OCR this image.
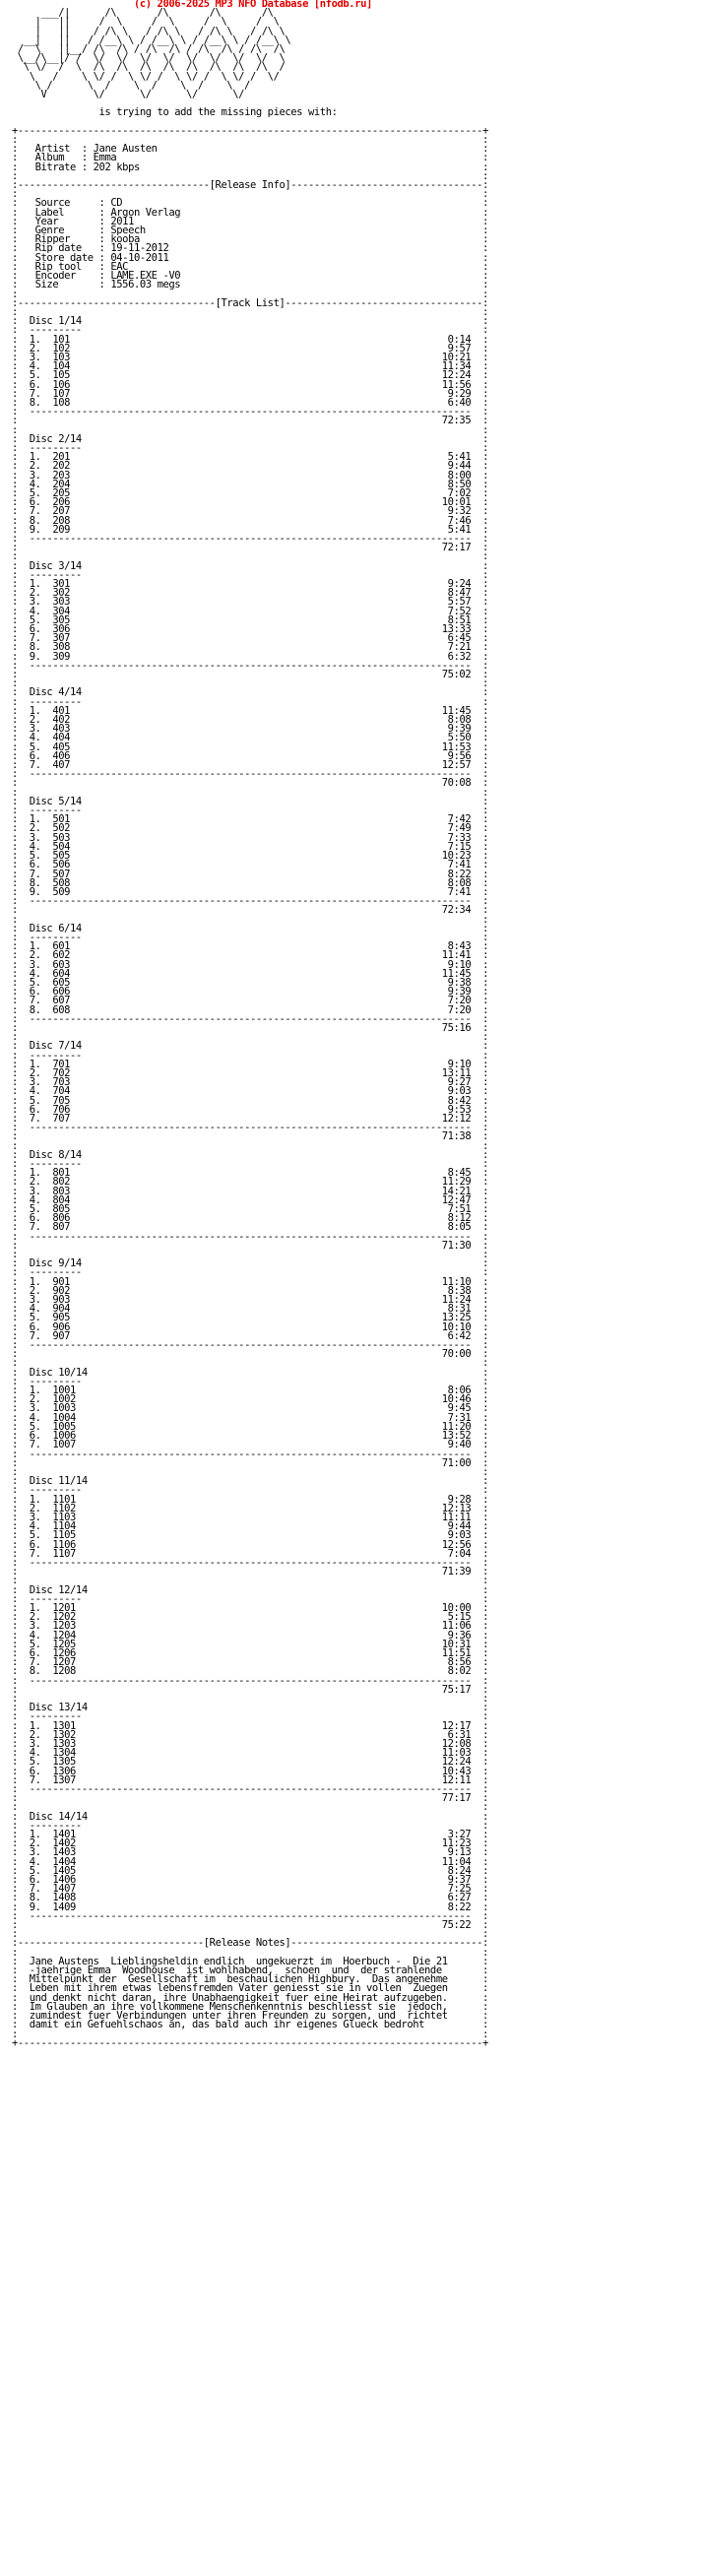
(c) 2006-2025 MP3 NFO Database [nfodb.ru]
___/|      /\       /\       /\       /\
|   ||     /  \     /  \     /  \     /  \
|   ||    / /\ \   / /\ \   / /\ \   / /\ \
__|   ||   / /__\ \ / /__\ \ / /__\ \ / /__\ \
/  \   ||__/ /\  /\ / /\  /\ / /\  /\ / /\  /\
\__/\__|/ /  \/  \/  \/  \/  \/  \/  \/  \/  \
\ \/  /  \  /\  /\  /\  /\  /\  /\  /\  /\  /
\   /    \ \/ /  \ \/ /  \ \/ /  \ \/ /  \/
\ /      \  /    \  /    \  /    \  /
V        \/      \/      \/      \/

is trying to add the missing pieces with:

+--------------------------------------------------------------------------------+
:                                                                                :
: Artist  : Jane Austen                                                        :
: Album   : Emma                                                               :
: Bitrate : 202 kbps                                                           :
:                                                                                :
:---------------------------------[Release Info]---------------------------------:
:                                                                                :
: Source     : CD                                                              :
: Label      : Argon Verlag                                                    :
: Year       : 2011                                                            :
: Genre      : Speech                                                          :
: Ripper     : kooba                                                           :
: Rip date   : 19-11-2012                                                      :
: Store date : 04-10-2011                                                      :
: Rip tool   : EAC                                                             :
: Encoder    : LAME.EXE -V0                                                    :
: Size       : 1556.03 megs                                                    :
:                                                                                :
:----------------------------------[Track List]----------------------------------:
:                                                                                :
: Disc 1/14                                                                     :
: ---------                                                                     :
: 1. 101	0:14  :
: 2. 102	9:57  :
: 3. 103	10:21  :
: 4. 104	11:34  :
: 5. 105	12:24  :
: 6. 106	11:56  :
: 7. 107	9:29  :
: 8. 108	6:40  :
: ----------------------------------------------------------------------------  :
:	72:35  :
:                                                                                :
: Disc 2/14                                                                     :
: ---------                                                                     :
: 1. 201	5:41  :
: 2. 202	9:44  :
: 3. 203	8:00  :
: 4. 204	8:50  :
: 5. 205	7:02  :
: 6. 206	10:01  :
: 7. 207	9:32  :
: 8. 208	7:46  :
: 9. 209	5:41  :
: ----------------------------------------------------------------------------  :
:	72:17  :
:                                                                                :
: Disc 3/14                                                                     :
: ---------                                                                     :
: 1. 301	9:24  :
: 2. 302	8:47  :
: 3. 303	5:57  :
: 4. 304	7:52  :
: 5. 305	8:51  :
: 6. 306	13:33  :
: 7. 307	6:45  :
: 8. 308	7:21  :
: 9. 309	6:32  :
: ----------------------------------------------------------------------------  :
:	75:02  :
:                                                                                :
: Disc 4/14                                                                     :
: ---------                                                                     :
: 1. 401	11:45  :
: 2. 402	8:08  :
: 3. 403	9:39  :
: 4. 404	5:50  :
: 5. 405	11:53  :
: 6. 406	9:56  :
: 7. 407	12:57  :
: ----------------------------------------------------------------------------  :
:	70:08  :
:                                                                                :
: Disc 5/14                                                                     :
: ---------                                                                     :
: 1. 501	7:42  :
: 2. 502	7:49  :
: 3. 503	7:33  :
: 4. 504	7:15  :
: 5. 505	10:23  :
: 6. 506	7:41  :
: 7. 507	8:22  :
: 8. 508	8:08  :
: 9. 509	7:41  :
: ----------------------------------------------------------------------------  :
:	72:34  :
:                                                                                :
: Disc 6/14                                                                     :
: ---------                                                                     :
: 1. 601	8:43  :
: 2. 602	11:41  :
: 3. 603	9:10  :
: 4. 604	11:45  :
: 5. 605	9:38  :
: 6. 606	9:39  :
: 7. 607	7:20  :
: 8. 608	7:20  :
: ----------------------------------------------------------------------------  :
:	75:16  :
:                                                                                :
: Disc 7/14                                                                     :
: ---------                                                                     :
: 1. 701	9:10  :
: 2. 702	13:11  :
: 3. 703	9:27  :
: 4. 704	9:03  :
: 5. 705	8:42  :
: 6. 706	9:53  :
: 7. 707	12:12  :
: ----------------------------------------------------------------------------  :
:	71:38  :
:                                                                                :
: Disc 8/14                                                                     :
: ---------                                                                     :
: 1. 801	8:45  :
: 2. 802	11:29  :
: 3. 803	14:21  :
: 4. 804	12:47  :
: 5. 805	7:51  :
: 6. 806	8:12  :
: 7. 807	8:05  :
: ----------------------------------------------------------------------------  :
:	71:30  :
:                                                                                :
: Disc 9/14                                                                     :
: ---------                                                                     :
: 1. 901	11:10  :
: 2. 902	8:38  :
: 3. 903	11:24  :
: 4. 904	8:31  :
: 5. 905	13:25  :
: 6. 906	10:10  :
: 7. 907	6:42  :
: ----------------------------------------------------------------------------  :
:	70:00  :
:                                                                                :
: Disc 10/14                                                                    :
: ---------                                                                     :
: 1. 1001	8:06  :
: 2. 1002	10:46  :
: 3. 1003	9:45  :
: 4. 1004	7:31  :
: 5. 1005	11:20  :
: 6. 1006	13:52  :
: 7. 1007	9:40  :
: ----------------------------------------------------------------------------  :
:	71:00  :
:                                                                                :
: Disc 11/14                                                                    :
: ---------                                                                     :
: 1. 1101	9:28  :
: 2. 1102	12:13  :
: 3. 1103	11:11  :
: 4. 1104	9:44  :
: 5. 1105	9:03  :
: 6. 1106	12:56  :
: 7. 1107	7:04  :
: ----------------------------------------------------------------------------  :
:	71:39  :
:                                                                                :
: Disc 12/14                                                                    :
: ---------                                                                     :
: 1. 1201	10:00  :
: 2. 1202	5:15  :
: 3. 1203	11:06  :
: 4. 1204	9:36  :
: 5. 1205	10:31  :
: 6. 1206	11:51  :
: 7. 1207	8:56  :
: 8. 1208	8:02  :
: ----------------------------------------------------------------------------  :
:	75:17  :
:                                                                                :
: Disc 13/14                                                                    :
: ---------                                                                     :
: 1. 1301	12:17  :
: 2. 1302	6:31  :
: 3. 1303	12:08  :
: 4. 1304	11:03  :
: 5. 1305	12:24  :
: 6. 1306	10:43  :
: 7. 1307	12:11  :
: ----------------------------------------------------------------------------  :
:	77:17  :
:                                                                                :
: Disc 14/14                                                                    :
: ---------                                                                     :
: 1. 1401	3:27  :
: 2. 1402	11:23  :
: 3. 1403	9:13  :
: 4. 1404	11:04  :
: 5. 1405	8:24  :
: 6. 1406	9:37  :
: 7. 1407	7:25  :
: 8. 1408	6:27  :
: 9. 1409	8:22  :
: ----------------------------------------------------------------------------  :
:	75:22  :
:                                                                                :
:--------------------------------[Release Notes]---------------------------------:
:                                                                                :
: Jane Austens  Lieblingsheldin endlich  ungekuerzt im  Hoerbuch -  Die 21      :
: -jaehrige Emma  Woodhouse  ist wohlhabend,  schoen  und  der strahlende       :
: Mittelpunkt der  Gesellschaft im  beschaulichen Highbury.  Das angenehme      :
: Leben mit ihrem etwas lebensfremden Vater geniesst sie in vollen  Zuegen      :
: und denkt nicht daran, ihre Unabhaengigkeit fuer eine Heirat aufzugeben.      :
: Im Glauben an ihre vollkommene Menschenkenntnis beschliesst sie  jedoch,      :
: zumindest fuer Verbindungen unter ihren Freunden zu sorgen, und  richtet      :
: damit ein Gefuehlschaos an, das bald auch ihr eigenes Glueck bedroht          :
:                                                                                :
+--------------------------------------------------------------------------------+
